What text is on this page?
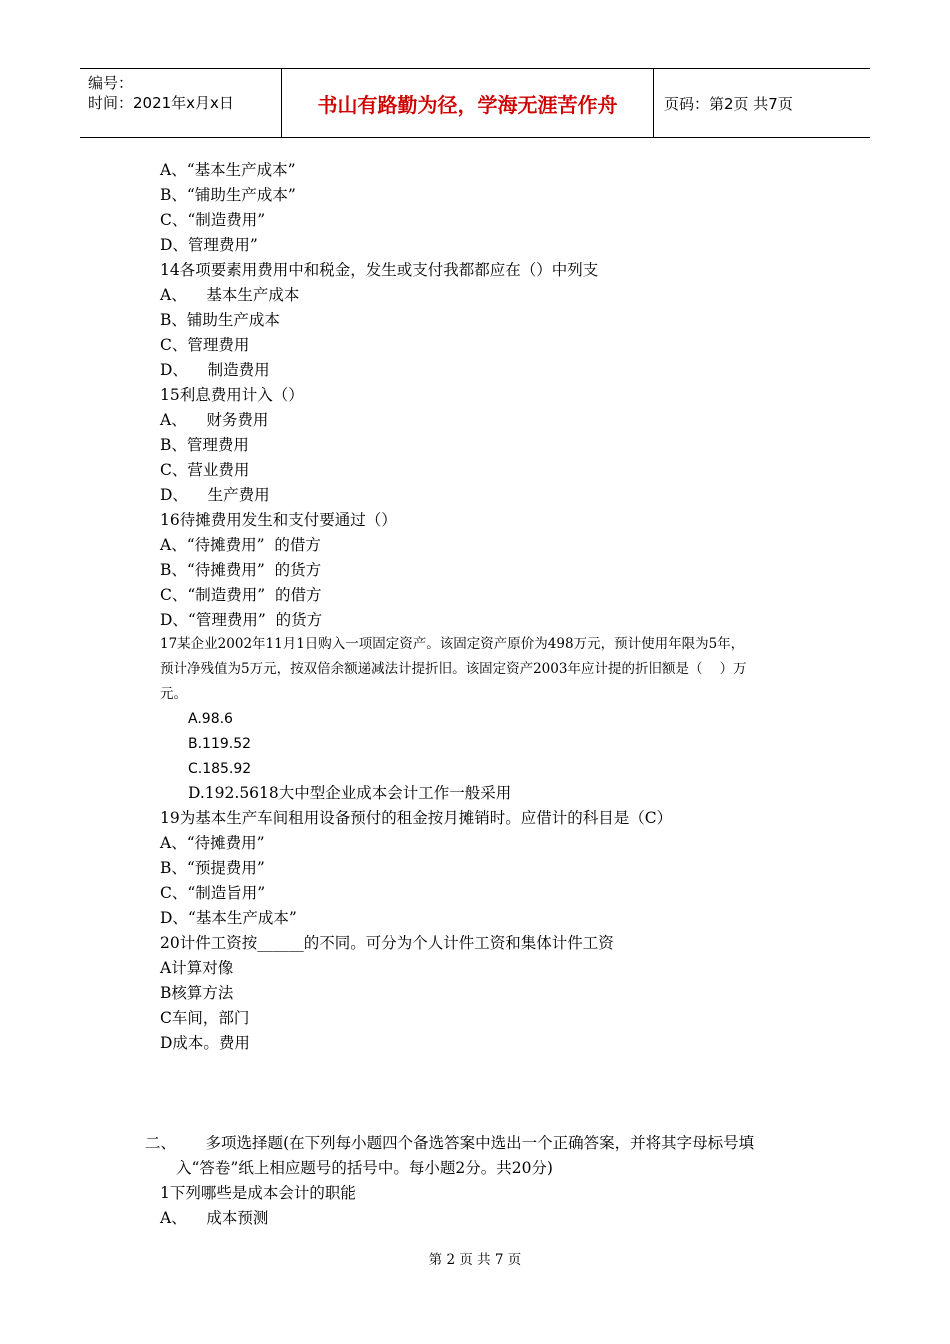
编号：
时间：2021年x月x日	书山有路勤为径，学海无涯苦作舟	页码：第2页 共7页
A、“基本生产成本”
B、“铺助生产成本”
C、“制造费用”
D、管理费用”
14各项要素用费用中和税金，发生或支付我都都应在（）中列支
A、    基本生产成本
B、铺助生产成本
C、管理费用
D、    制造费用
15利息费用计入（）
A、    财务费用
B、管理费用
C、营业费用
D、    生产费用
16待摊费用发生和支付要通过（）
A、“待摊费用”  的借方
B、“待摊费用”  的货方
C、“制造费用”  的借方
D、“管理费用”  的货方
17某企业2002年11月1日购入一项固定资产。该固定资产原价为498万元，预计使用年限为5年，
预计净残值为5万元，按双倍余额递减法计提折旧。该固定资产2003年应计提的折旧额是（    ）万
元。
A.98.6
B.119.52
C.185.92
D.192.5618大中型企业成本会计工作一般采用
19为基本生产车间租用设备预付的租金按月摊销时。应借计的科目是（C）
A、“待摊费用”
B、“预提费用”
C、“制造旨用”
D、“基本生产成本”
20计件工资按______的不同。可分为个人计件工资和集体计件工资
A计算对像
B核算方法
C车间，部门
D成本。费用
二、      多项选择题(在下列每小题四个备选答案中选出一个正确答案，并将其字母标号填
入“答卷”纸上相应题号的括号中。每小题2分。共20分)
1下列哪些是成本会计的职能
A、    成本预测
第 2 页 共 7 页
